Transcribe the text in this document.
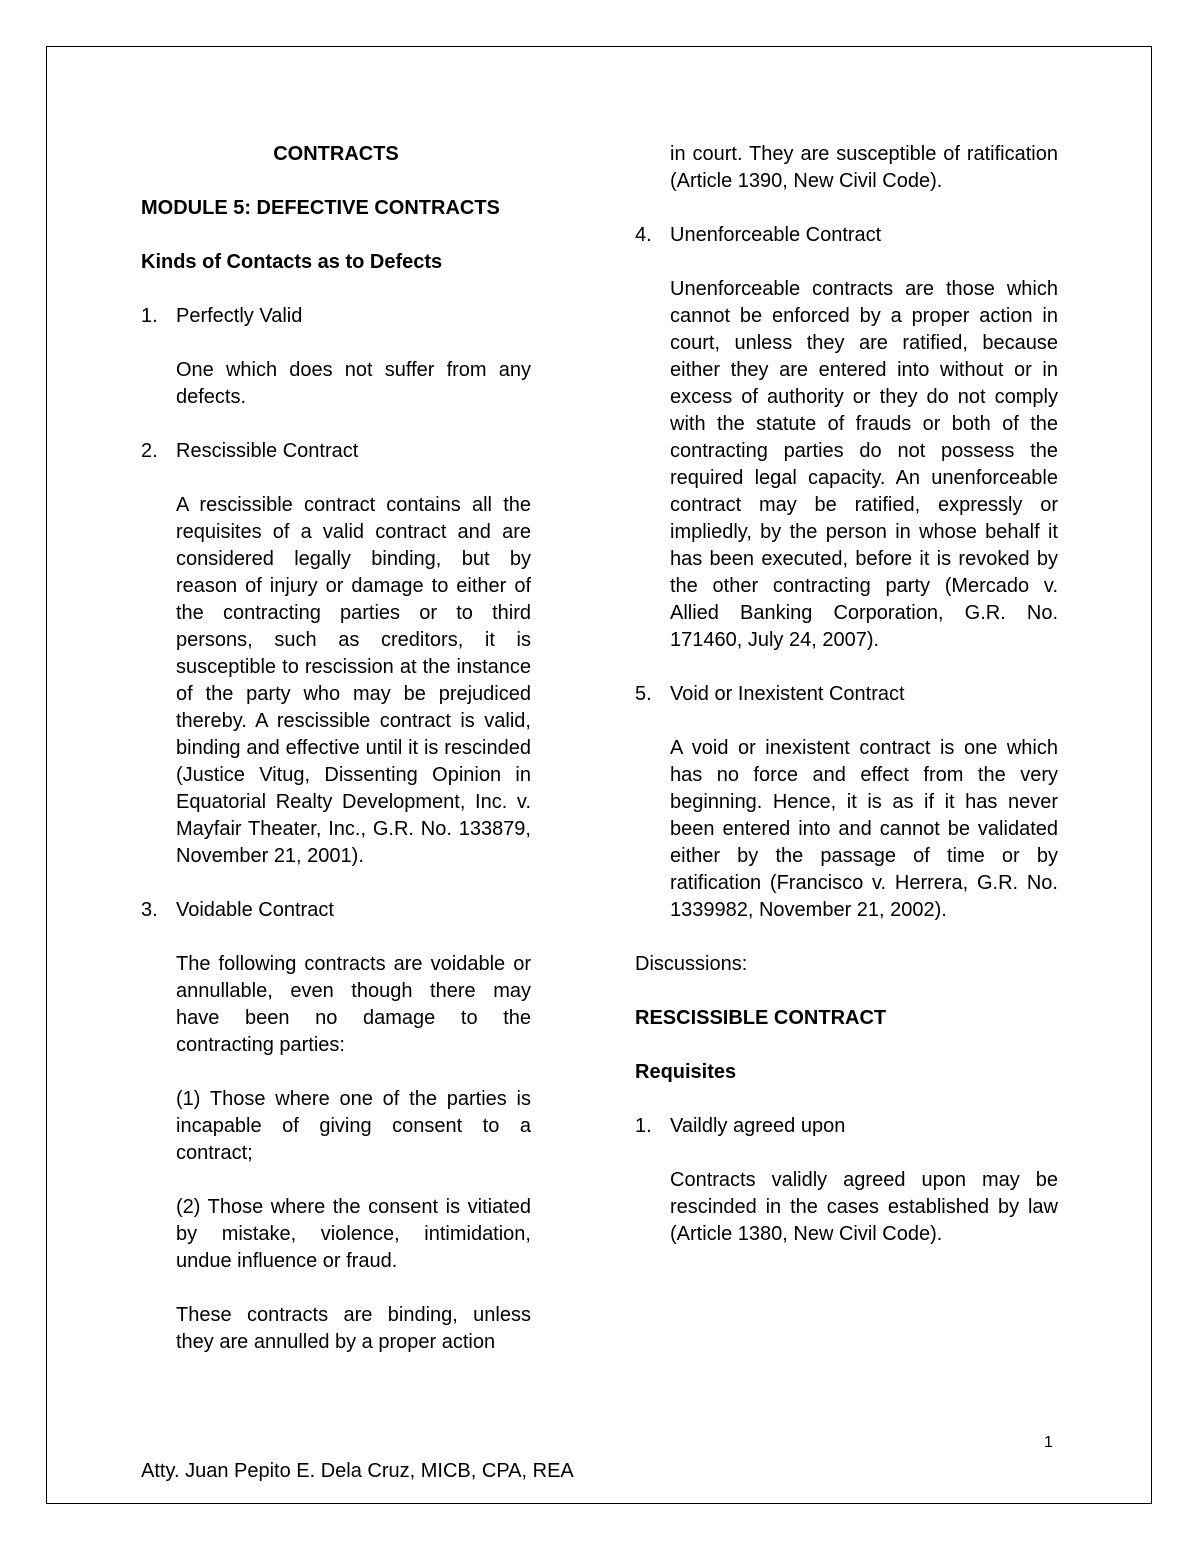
CONTRACTS

MODULE 5: DEFECTIVE CONTRACTS

Kinds of Contacts as to Defects

1. Perfectly Valid

One which does not suffer from any defects.

2. Rescissible Contract

A rescissible contract contains all the requisites of a valid contract and are considered legally binding, but by reason of injury or damage to either of the contracting parties or to third persons, such as creditors, it is susceptible to rescission at the instance of the party who may be prejudiced thereby. A rescissible contract is valid, binding and effective until it is rescinded (Justice Vitug, Dissenting Opinion in Equatorial Realty Development, Inc. v. Mayfair Theater, Inc., G.R. No. 133879, November 21, 2001).

3. Voidable Contract

The following contracts are voidable or annullable, even though there may have been no damage to the contracting parties:

(1) Those where one of the parties is incapable of giving consent to a contract;

(2) Those where the consent is vitiated by mistake, violence, intimidation, undue influence or fraud.

These contracts are binding, unless they are annulled by a proper action

in court. They are susceptible of ratification (Article 1390, New Civil Code).

4. Unenforceable Contract

Unenforceable contracts are those which cannot be enforced by a proper action in court, unless they are ratified, because either they are entered into without or in excess of authority or they do not comply with the statute of frauds or both of the contracting parties do not possess the required legal capacity. An unenforceable contract may be ratified, expressly or impliedly, by the person in whose behalf it has been executed, before it is revoked by the other contracting party (Mercado v. Allied Banking Corporation, G.R. No. 171460, July 24, 2007).

5. Void or Inexistent Contract

A void or inexistent contract is one which has no force and effect from the very beginning. Hence, it is as if it has never been entered into and cannot be validated either by the passage of time or by ratification (Francisco v. Herrera, G.R. No. 1339982, November 21, 2002).

Discussions:

RESCISSIBLE CONTRACT

Requisites

1. Vaildly agreed upon

Contracts validly agreed upon may be rescinded in the cases established by law (Article 1380, New Civil Code).

1
Atty. Juan Pepito E. Dela Cruz, MICB, CPA, REA
